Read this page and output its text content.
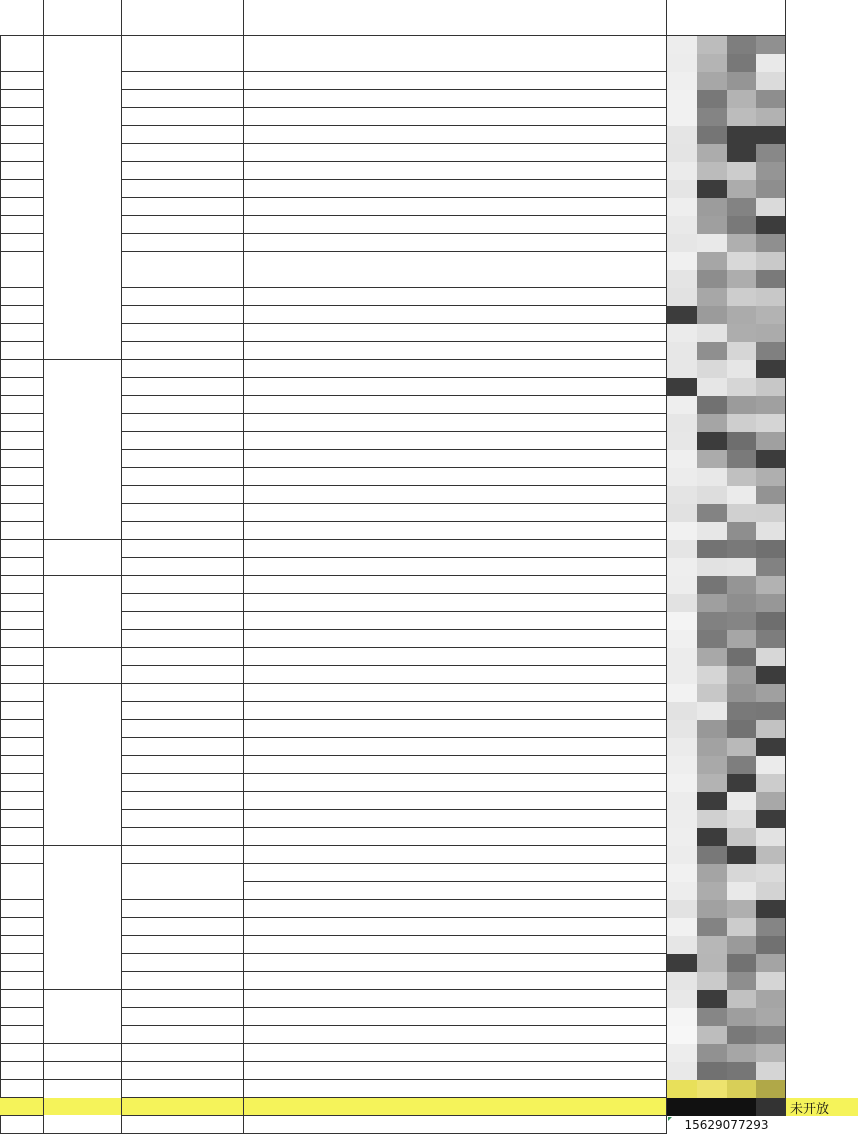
未开放
15629077293
